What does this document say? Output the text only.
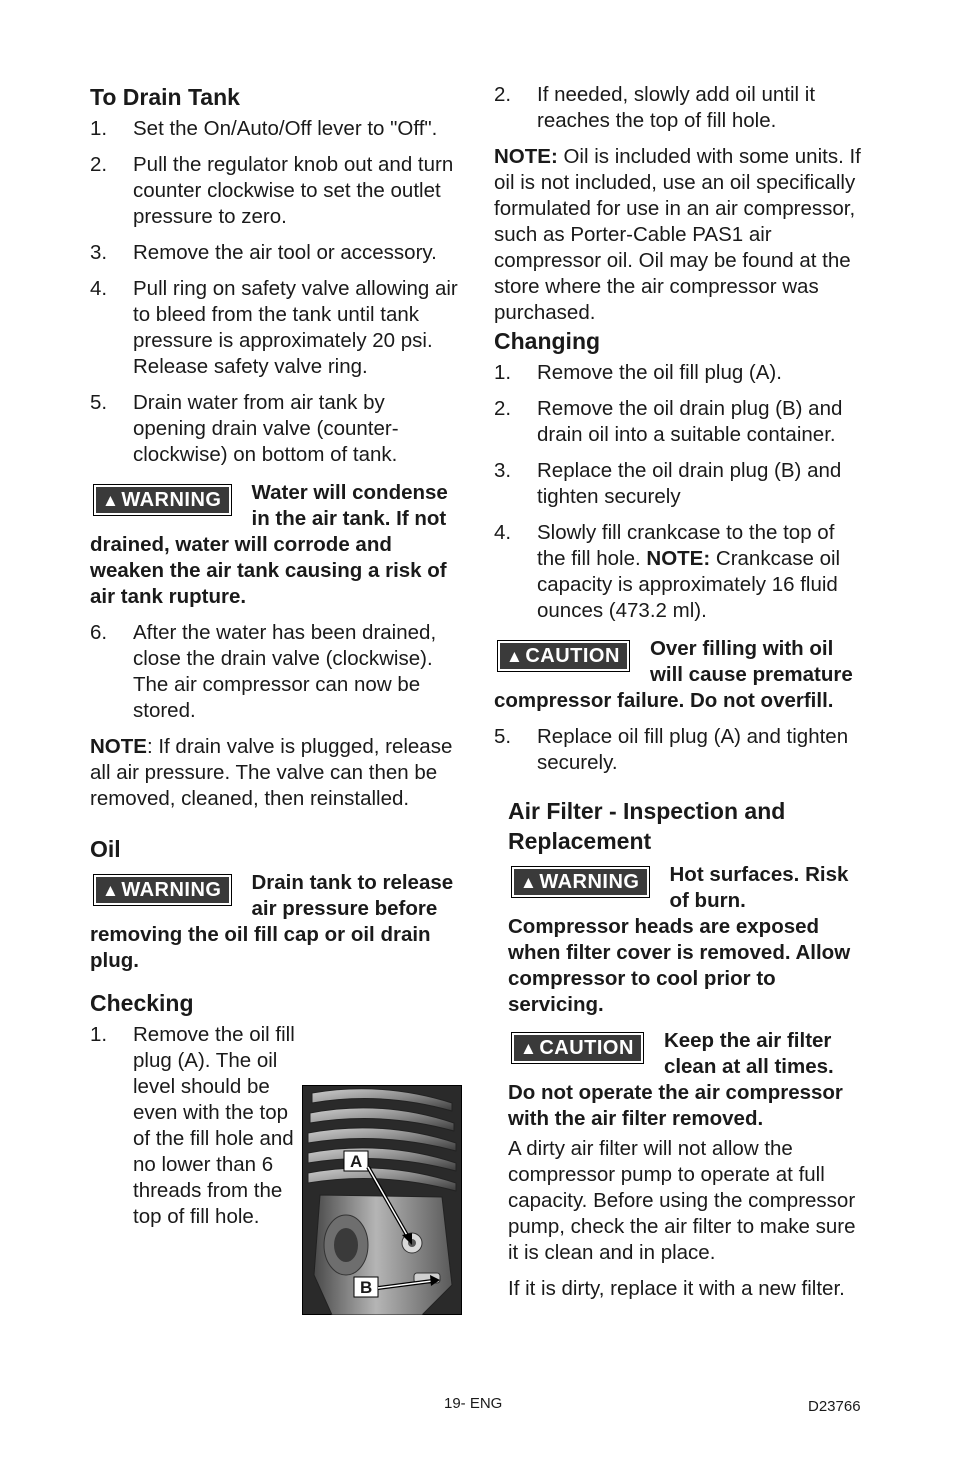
To Drain Tank
1. Set the On/Auto/Off lever to "Off".
2. Pull the regulator knob out and turn counter clockwise to set the outlet pressure to zero.
3. Remove the air tool or accessory.
4. Pull ring on safety valve allowing air to bleed from the tank until tank pressure is approximately 20 psi. Release safety valve ring.
5. Drain water from air tank by opening drain valve (counter-clockwise) on bottom of tank.
▲ WARNING	Water will condense in the air tank. If not drained, water will corrode and weaken the air tank causing a risk of air tank rupture.
6. After the water has been drained, close the drain valve (clockwise). The air compressor can now be stored.

NOTE: If drain valve is plugged, release all air pressure. The valve can then be removed, cleaned, then reinstalled.

Oil
▲ WARNING	Drain tank to release air pressure before removing the oil fill cap or oil drain plug.
Checking
1. Remove the oil fill plug (A). The oil level should be even with the top of the fill hole and no lower than 6 threads from the top of fill hole.
A
B
2. If needed, slowly add oil until it reaches the top of fill hole.

NOTE: Oil is included with some units. If oil is not included, use an oil specifically formulated for use in an air compressor, such as Porter-Cable PAS1 air compressor oil. Oil may be found at the store where the air compressor was purchased.

Changing
1. Remove the oil fill plug (A).
2. Remove the oil drain plug (B) and drain oil into a suitable container.
3. Replace the oil drain plug (B) and tighten securely
4. Slowly fill crankcase to the top of the fill hole. NOTE: Crankcase oil capacity is approximately 16 fluid ounces (473.2 ml).
▲ CAUTION	Over filling with oil will cause premature compressor failure. Do not overfill.
5. Replace oil fill plug (A) and tighten securely.
Air Filter - Inspection and Replacement
▲ WARNING	Hot surfaces. Risk of burn. Compressor heads are exposed when filter cover is removed. Allow compressor to cool prior to servicing.
▲ CAUTION	Keep the air filter clean at all times. Do not operate the air compressor with the air filter removed.

A dirty air filter will not allow the compressor pump to operate at full capacity. Before using the compressor pump, check the air filter to make sure it is clean and in place.

If it is dirty, replace it with a new filter.

19- ENG	D23766
